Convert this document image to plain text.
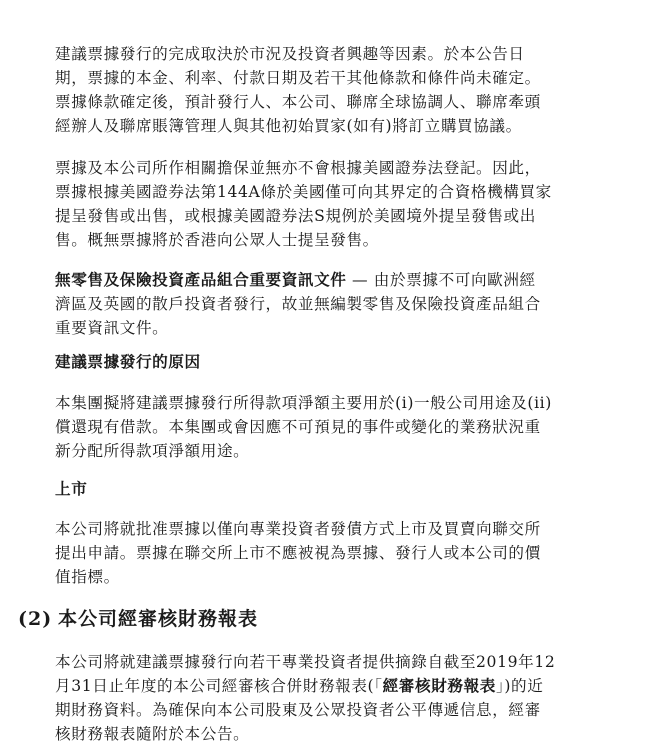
建議票據發行的完成取決於市況及投資者興趣等因素。於本公告日
期，票據的本金、利率、付款日期及若干其他條款和條件尚未確定。
票據條款確定後，預計發行人、本公司、聯席全球協調人、聯席牽頭
經辦人及聯席賬簿管理人與其他初始買家(如有)將訂立購買協議。

票據及本公司所作相關擔保並無亦不會根據美國證券法登記。因此，
票據根據美國證券法第144A條於美國僅可向其界定的合資格機構買家
提呈發售或出售，或根據美國證券法S規例於美國境外提呈發售或出
售。概無票據將於香港向公眾人士提呈發售。

無零售及保險投資產品組合重要資訊文件 — 由於票據不可向歐洲經
濟區及英國的散戶投資者發行，故並無編製零售及保險投資產品組合
重要資訊文件。

建議票據發行的原因

本集團擬將建議票據發行所得款項淨額主要用於(i)一般公司用途及(ii)
償還現有借款。本集團或會因應不可預見的事件或變化的業務狀況重
新分配所得款項淨額用途。

上市

本公司將就批准票據以僅向專業投資者發債方式上市及買賣向聯交所
提出申請。票據在聯交所上市不應被視為票據、發行人或本公司的價
值指標。

(2) 本公司經審核財務報表

本公司將就建議票據發行向若干專業投資者提供摘錄自截至2019年12
月31日止年度的本公司經審核合併財務報表(「經審核財務報表」)的近
期財務資料。為確保向本公司股東及公眾投資者公平傳遞信息，經審
核財務報表隨附於本公告。
